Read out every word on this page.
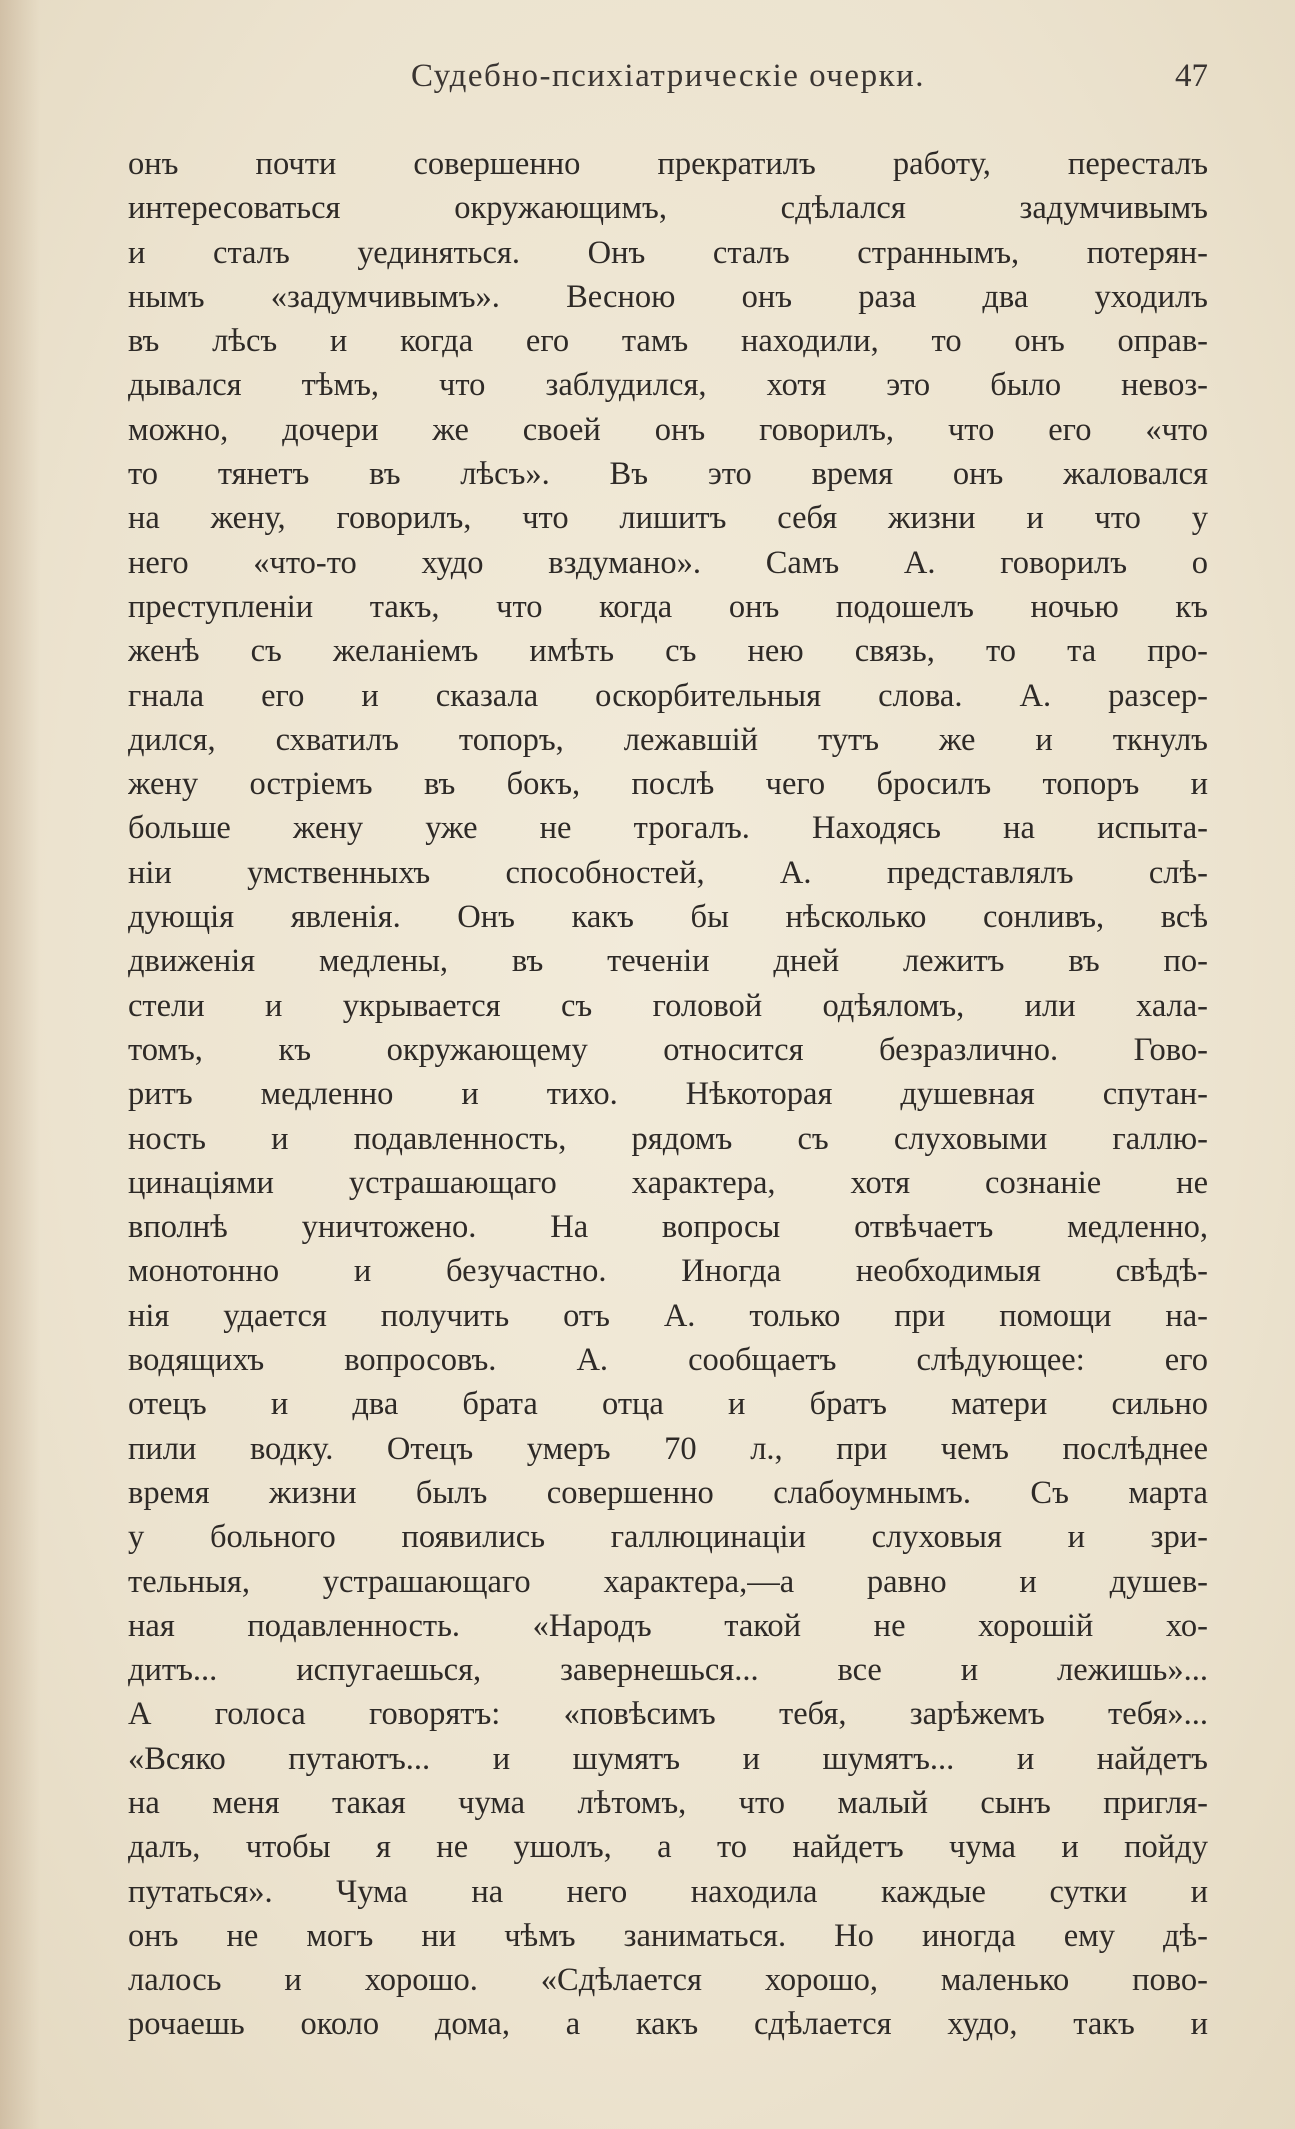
Судебно-психіатрическіе очерки.	47
онъ почти совершенно прекратилъ работу, пересталъ
интересоваться окружающимъ, сдѣлался задумчивымъ
и сталъ уединяться. Онъ сталъ страннымъ, потерян-
нымъ «задумчивымъ». Весною онъ раза два уходилъ
въ лѣсъ и когда его тамъ находили, то онъ оправ-
дывался тѣмъ, что заблудился, хотя это было невоз-
можно, дочери же своей онъ говорилъ, что его «что
то тянетъ въ лѣсъ». Въ это время онъ жаловался
на жену, говорилъ, что лишитъ себя жизни и что у
него «что-то худо вздумано». Самъ А. говорилъ о
преступленіи такъ, что когда онъ подошелъ ночью къ
женѣ съ желаніемъ имѣть съ нею связь, то та про-
гнала его и сказала оскорбительныя слова. А. разсер-
дился, схватилъ топоръ, лежавшій тутъ же и ткнулъ
жену остріемъ въ бокъ, послѣ чего бросилъ топоръ и
больше жену уже не трогалъ. Находясь на испыта-
ніи умственныхъ способностей, А. представлялъ слѣ-
дующія явленія. Онъ какъ бы нѣсколько сонливъ, всѣ
движенія медлены, въ теченіи дней лежитъ въ по-
стели и укрывается съ головой одѣяломъ, или хала-
томъ, къ окружающему относится безразлично. Гово-
ритъ медленно и тихо. Нѣкоторая душевная спутан-
ность и подавленность, рядомъ съ слуховыми галлю-
цинаціями устрашающаго характера, хотя сознаніе не
вполнѣ уничтожено. На вопросы отвѣчаетъ медленно,
монотонно и безучастно. Иногда необходимыя свѣдѣ-
нія удается получить отъ А. только при помощи на-
водящихъ вопросовъ. А. сообщаетъ слѣдующее: его
отецъ и два брата отца и братъ матери сильно
пили водку. Отецъ умеръ 70 л., при чемъ послѣднее
время жизни былъ совершенно слабоумнымъ. Съ марта
у больного появились галлюцинаціи слуховыя и зри-
тельныя, устрашающаго характера,—а равно и душев-
ная подавленность. «Народъ такой не хорошій хо-
дитъ... испугаешься, завернешься... все и лежишь»...
А голоса говорятъ: «повѣсимъ тебя, зарѣжемъ тебя»...
«Всяко путаютъ... и шумятъ и шумятъ... и найдетъ
на меня такая чума лѣтомъ, что малый сынъ пригля-
далъ, чтобы я не ушолъ, а то найдетъ чума и пойду
путаться». Чума на него находила каждые сутки и
онъ не могъ ни чѣмъ заниматься. Но иногда ему дѣ-
лалось и хорошо. «Сдѣлается хорошо, маленько пово-
рочаешь около дома, а какъ сдѣлается худо, такъ и
